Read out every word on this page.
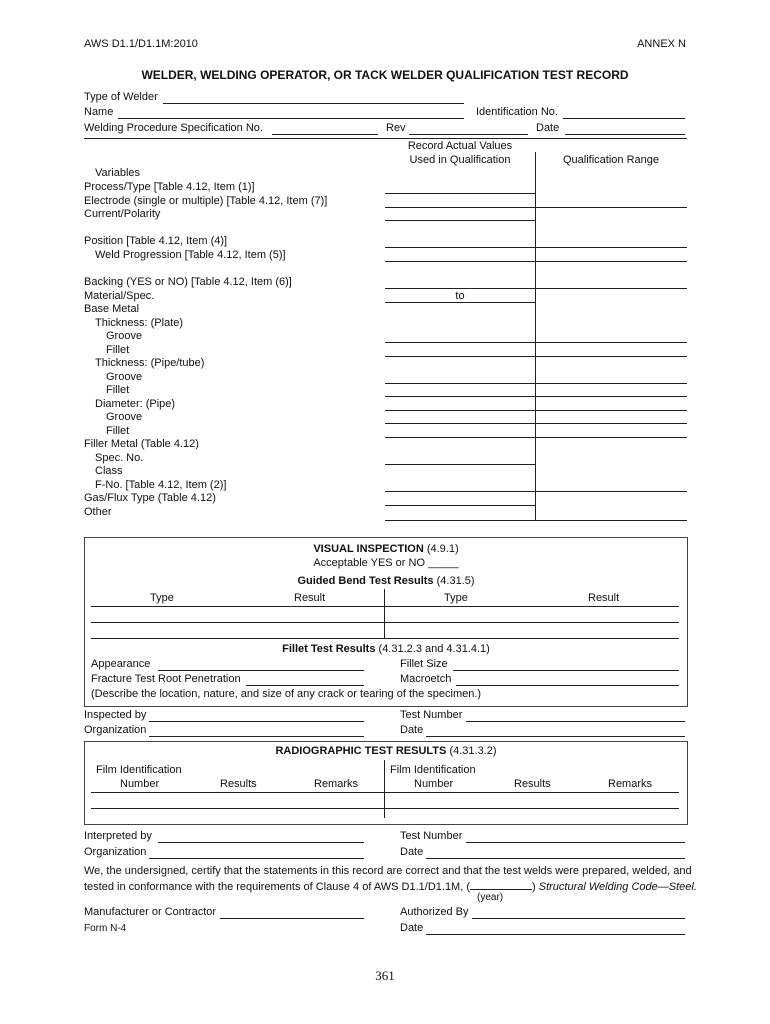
AWS D1.1/D1.1M:2010	ANNEX N
WELDER, WELDING OPERATOR, OR TACK WELDER QUALIFICATION TEST RECORD
Type of Welder
Name	Identification No.
Welding Procedure Specification No.	Rev	Date
Record Actual Values
Used in Qualification	Qualification Range
Variables
Process/Type [Table 4.12, Item (1)]
Electrode (single or multiple) [Table 4.12, Item (7)]
Current/Polarity
Position [Table 4.12, Item (4)]
Weld Progression [Table 4.12, Item (5)]
Backing (YES or NO) [Table 4.12, Item (6)]
Material/Spec.	to
Base Metal
Thickness: (Plate)
Groove
Fillet
Thickness: (Pipe/tube)
Groove
Fillet
Diameter: (Pipe)
Groove
Fillet
Filler Metal (Table 4.12)
Spec. No.
Class
F-No. [Table 4.12, Item (2)]
Gas/Flux Type (Table 4.12)
Other
VISUAL INSPECTION (4.9.1)
Acceptable YES or NO _____
Guided Bend Test Results (4.31.5)
Type	Result	Type	Result
Fillet Test Results (4.31.2.3 and 4.31.4.1)
Appearance	Fillet Size
Fracture Test Root Penetration	Macroetch
(Describe the location, nature, and size of any crack or tearing of the specimen.)
Inspected by	Test Number
Organization	Date
RADIOGRAPHIC TEST RESULTS (4.31.3.2)
Film Identification
Number	Results	Remarks
Film Identification
Number	Results	Remarks
Interpreted by	Test Number
Organization	Date
We, the undersigned, certify that the statements in this record are correct and that the test welds were prepared, welded, and
tested in conformance with the requirements of Clause 4 of AWS D1.1/D1.1M, (	) Structural Welding Code—Steel.
(year)
Manufacturer or Contractor	Authorized By
Form N-4	Date
361
